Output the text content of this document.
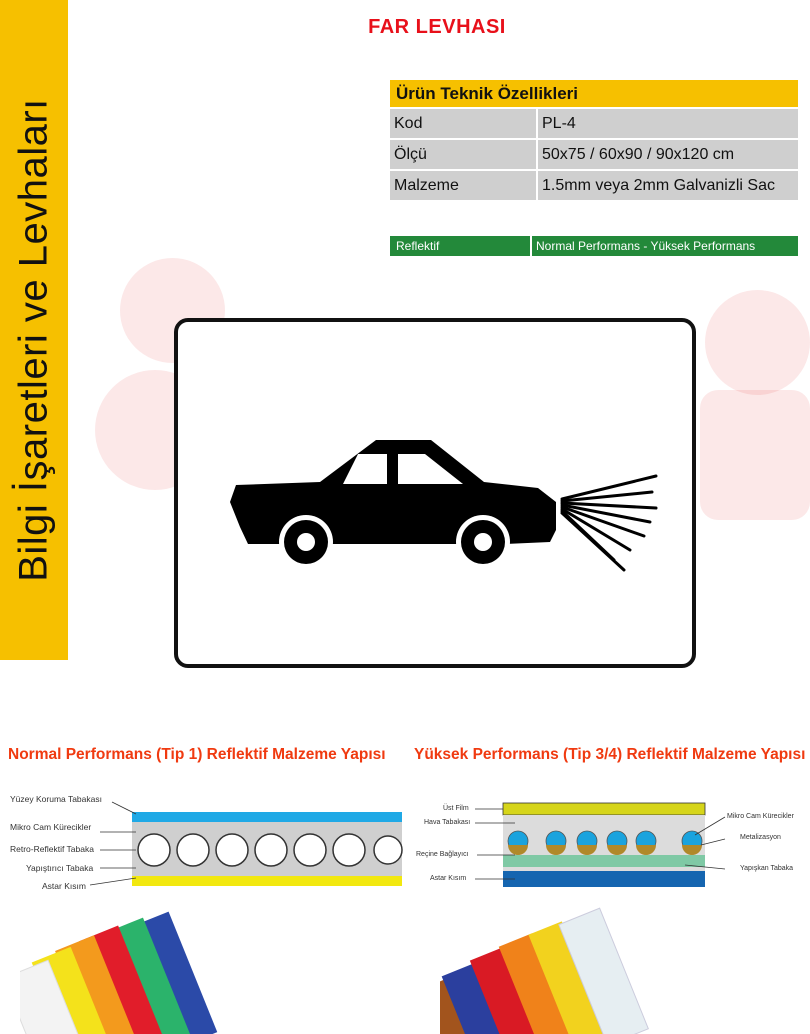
Bilgi İşaretleri ve Levhaları
FAR LEVHASI
Ürün Teknik Özellikleri	
Kod	PL-4
Ölçü	50x75 / 60x90 / 90x120 cm
Malzeme	1.5mm veya 2mm Galvanizli Sac
Reflektif	Normal Performans - Yüksek Performans
Normal Performans (Tip 1) Reflektif Malzeme Yapısı Yüksek Performans (Tip 3/4) Reflektif Malzeme Yapısı
Yüzey Koruma Tabakası
Mikro Cam Kürecikler
Retro-Reflektif Tabaka
Yapıştırıcı Tabaka
Astar Kısım
Üst Film
Hava Tabakası
Reçine Bağlayıcı
Astar Kısım
Mikro Cam Kürecikler
Metalizasyon
Yapışkan Tabaka
